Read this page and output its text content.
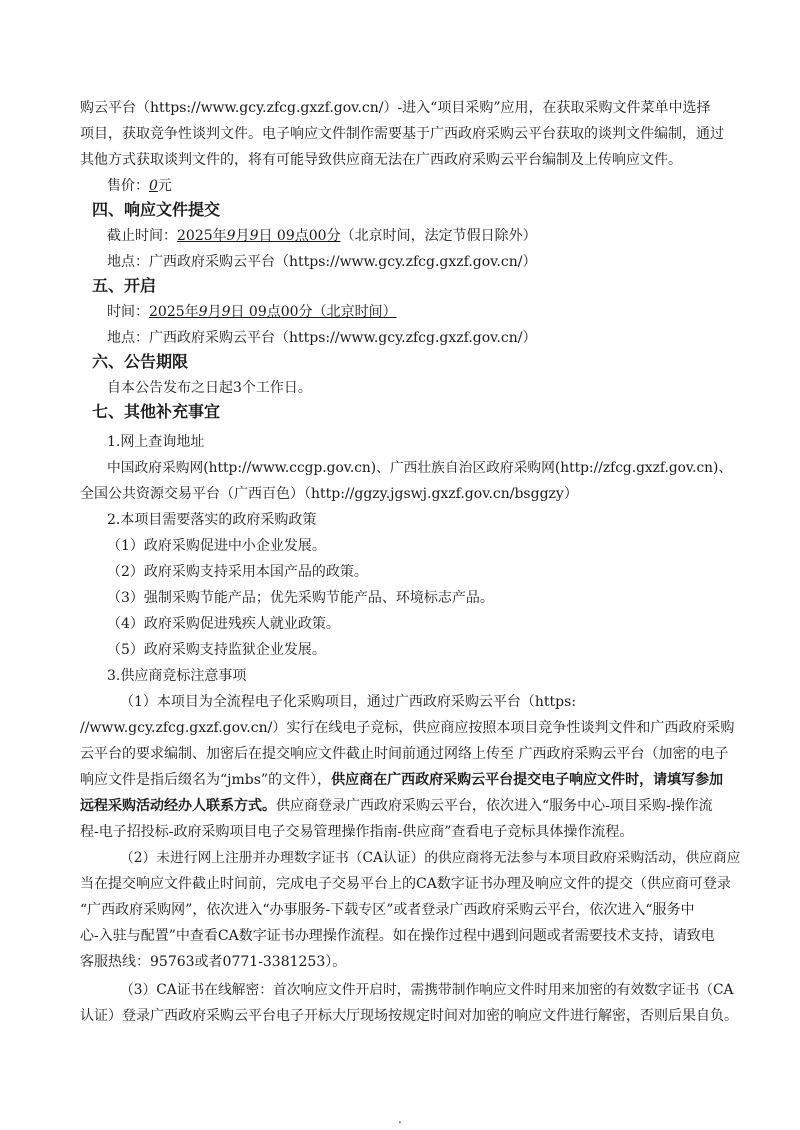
购云平台（https://www.gcy.zfcg.gxzf.gov.cn/）-进入“项目采购”应用，在获取采购文件菜单中选择
项目，获取竞争性谈判文件。电子响应文件制作需要基于广西政府采购云平台获取的谈判文件编制，通过
其他方式获取谈判文件的，将有可能导致供应商无法在广西政府采购云平台编制及上传响应文件。
售价：0元
四、响应文件提交
截止时间：2025年9月9日 09点00分（北京时间，法定节假日除外）
地点：广西政府采购云平台（https://www.gcy.zfcg.gxzf.gov.cn/）
五、开启
时间：2025年9月9日 09点00分（北京时间）
地点：广西政府采购云平台（https://www.gcy.zfcg.gxzf.gov.cn/）
六、公告期限
自本公告发布之日起3个工作日。
七、其他补充事宜
1.网上查询地址
中国政府采购网(http://www.ccgp.gov.cn)、广西壮族自治区政府采购网(http://zfcg.gxzf.gov.cn)、
全国公共资源交易平台（广西百色）（http://ggzy.jgswj.gxzf.gov.cn/bsggzy）
2.本项目需要落实的政府采购政策
（1）政府采购促进中小企业发展。
（2）政府采购支持采用本国产品的政策。
（3）强制采购节能产品；优先采购节能产品、环境标志产品。
（4）政府采购促进残疾人就业政策。
（5）政府采购支持监狱企业发展。
3.供应商竞标注意事项
（1）本项目为全流程电子化采购项目，通过广西政府采购云平台（https:
//www.gcy.zfcg.gxzf.gov.cn/）实行在线电子竞标，供应商应按照本项目竞争性谈判文件和广西政府采购
云平台的要求编制、加密后在提交响应文件截止时间前通过网络上传至 广西政府采购云平台（加密的电子
响应文件是指后缀名为“jmbs”的文件），供应商在广西政府采购云平台提交电子响应文件时，请填写参加
远程采购活动经办人联系方式。供应商登录广西政府采购云平台，依次进入“服务中心-项目采购-操作流
程-电子招投标-政府采购项目电子交易管理操作指南-供应商”查看电子竞标具体操作流程。
（2）未进行网上注册并办理数字证书（CA认证）的供应商将无法参与本项目政府采购活动，供应商应
当在提交响应文件截止时间前，完成电子交易平台上的CA数字证书办理及响应文件的提交（供应商可登录
“广西政府采购网”，依次进入“办事服务-下载专区”或者登录广西政府采购云平台，依次进入“服务中
心-入驻与配置”中查看CA数字证书办理操作流程。如在操作过程中遇到问题或者需要技术支持，请致电
客服热线：95763或者0771-3381253）。
（3）CA证书在线解密：首次响应文件开启时，需携带制作响应文件时用来加密的有效数字证书（CA
认证）登录广西政府采购云平台电子开标大厅现场按规定时间对加密的响应文件进行解密，否则后果自负。
.
